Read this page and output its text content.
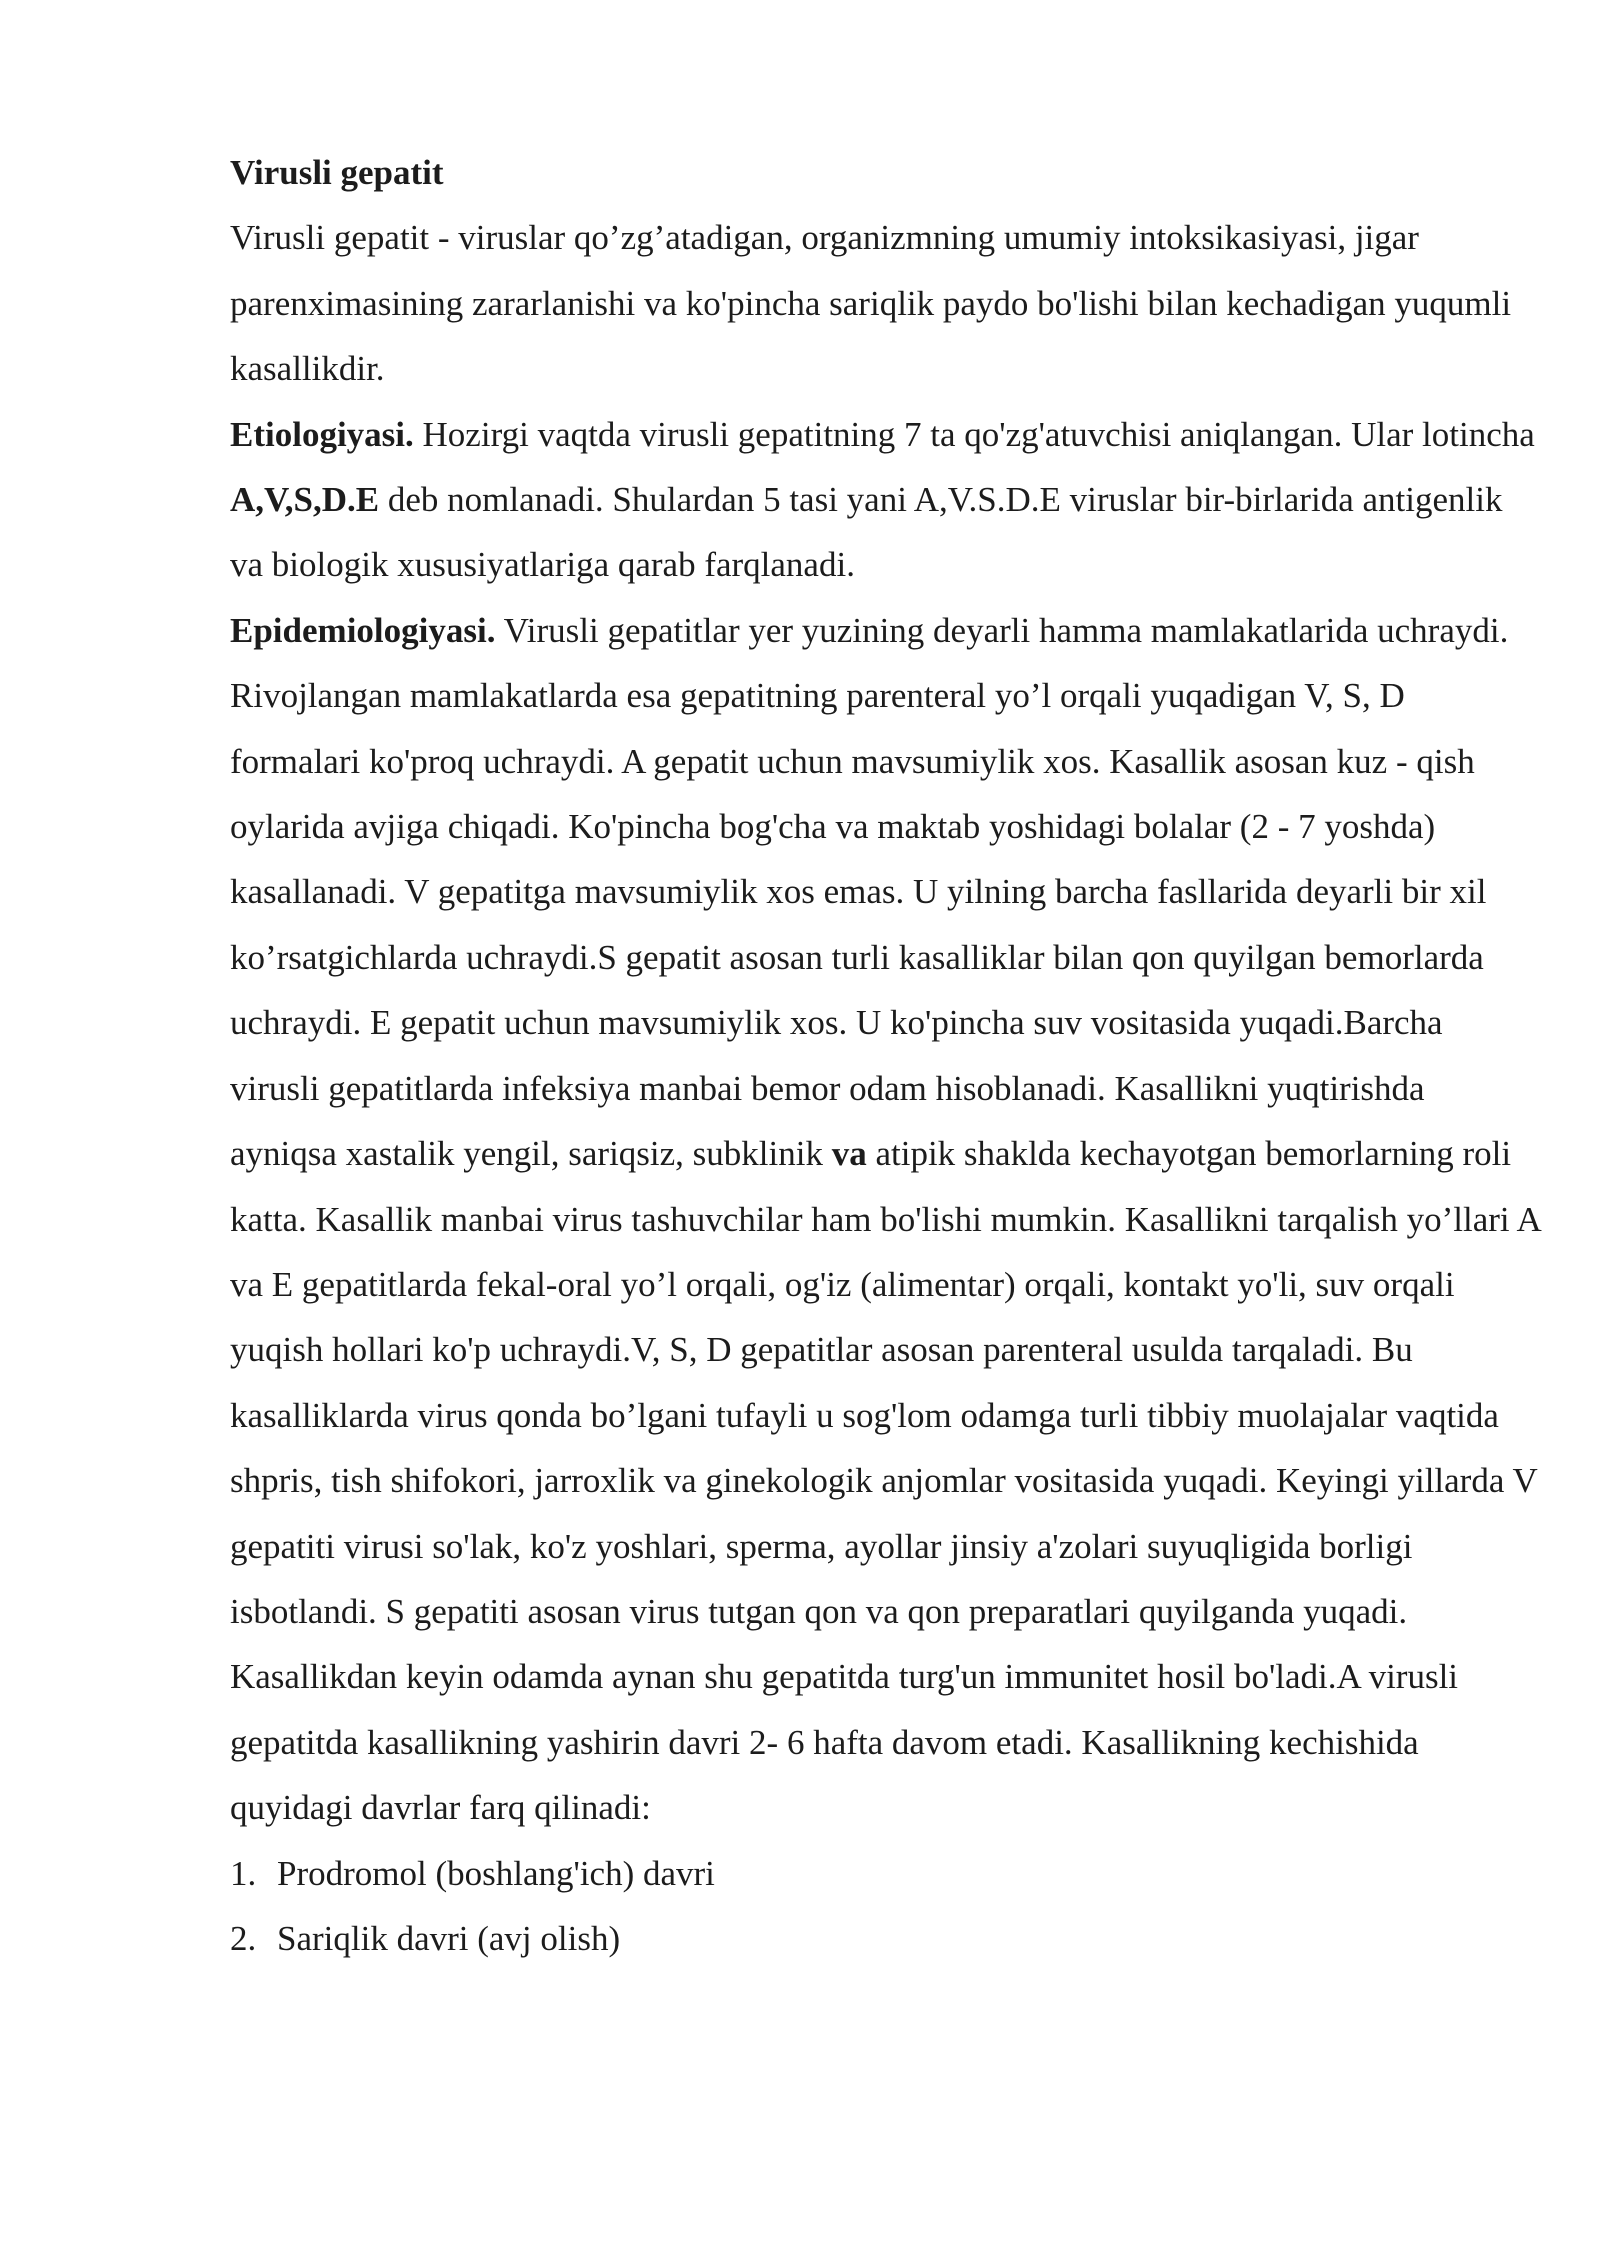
Virusli gepatit

Virusli gepatit - viruslar qo’zg’atadigan, organizmning umumiy intoksikasiyasi, jigar parenximasining zararlanishi va ko'pincha sariqlik paydo bo'lishi bilan kechadigan yuqumli kasallikdir.

Etiologiyasi. Hozirgi vaqtda virusli gepatitning 7 ta qo'zg'atuvchisi aniqlangan. Ular lotincha A,V,S,D.E deb nomlanadi. Shulardan 5 tasi yani A,V.S.D.E viruslar bir-birlarida antigenlik va biologik xususiyatlariga qarab farqlanadi.

Epidemiologiyasi. Virusli gepatitlar yer yuzining deyarli hamma mamlakatlarida uchraydi. Rivojlangan mamlakatlarda esa gepatitning parenteral yo’l orqali yuqadigan V, S, D formalari ko'proq uchraydi. A gepatit uchun mavsumiylik xos. Kasallik asosan kuz - qish oylarida avjiga chiqadi. Ko'pincha bog'cha va maktab yoshidagi bolalar (2 - 7 yoshda) kasallanadi. V gepatitga mavsumiylik xos emas. U yilning barcha fasllarida deyarli bir xil ko’rsatgichlarda uchraydi.S gepatit asosan turli kasalliklar bilan qon quyilgan bemorlarda uchraydi. E gepatit uchun mavsumiylik xos. U ko'pincha suv vositasida yuqadi.Barcha virusli gepatitlarda infeksiya manbai bemor odam hisoblanadi. Kasallikni yuqtirishda ayniqsa xastalik yengil, sariqsiz, subklinik va atipik shaklda kechayotgan bemorlarning roli katta. Kasallik manbai virus tashuvchilar ham bo'lishi mumkin. Kasallikni tarqalish yo’llari A va E gepatitlarda fekal-oral yo’l orqali, og'iz (alimentar) orqali, kontakt yo'li, suv orqali yuqish hollari ko'p uchraydi.V, S, D gepatitlar asosan parenteral usulda tarqaladi. Bu kasalliklarda virus qonda bo’lgani tufayli u sog'lom odamga turli tibbiy muolajalar vaqtida shpris, tish shifokori, jarroxlik va ginekologik anjomlar vositasida yuqadi. Keyingi yillarda V gepatiti virusi so'lak, ko'z yoshlari, sperma, ayollar jinsiy a'zolari suyuqligida borligi isbotlandi. S gepatiti asosan virus tutgan qon va qon preparatlari quyilganda yuqadi. Kasallikdan keyin odamda aynan shu gepatitda turg'un immunitet hosil bo'ladi.A virusli gepatitda kasallikning yashirin davri 2- 6 hafta davom etadi. Kasallikning kechishida quyidagi davrlar farq qilinadi:

1. Prodromol (boshlang'ich) davri
2. Sariqlik davri (avj olish)
